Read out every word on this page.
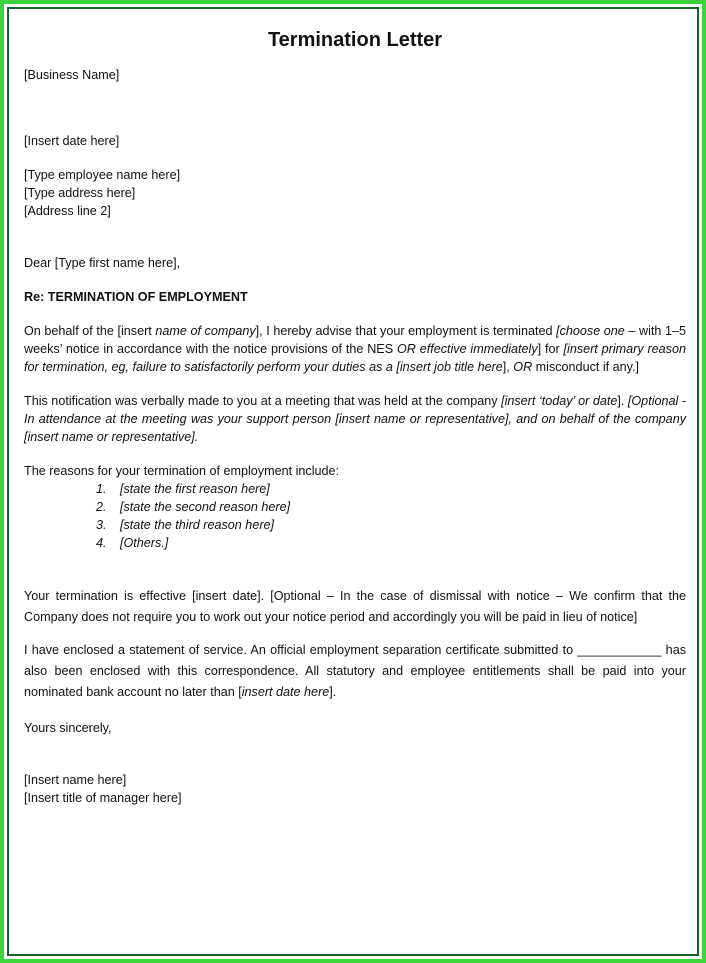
Termination Letter

[Business Name]

[Insert date here]

[Type employee name here]

[Type address here]

[Address line 2]

Dear [Type first name here],

Re: TERMINATION OF EMPLOYMENT

On behalf of the [insert name of company], I hereby advise that your employment is terminated [choose one – with 1–5 weeks’ notice in accordance with the notice provisions of the NES OR effective immediately] for [insert primary reason for termination, eg, failure to satisfactorily perform your duties as a [insert job title here], OR misconduct if any.]

This notification was verbally made to you at a meeting that was held at the company [insert ‘today’ or date]. [Optional - In attendance at the meeting was your support person [insert name or representative], and on behalf of the company [insert name or representative].

The reasons for your termination of employment include:

1.	[state the first reason here]
2.	[state the second reason here]
3.	[state the third reason here]
4.	[Others.]

Your termination is effective [insert date]. [Optional – In the case of dismissal with notice – We confirm that the Company does not require you to work out your notice period and accordingly you will be paid in lieu of notice]

I have enclosed a statement of service. An official employment separation certificate submitted to ____________ has also been enclosed with this correspondence. All statutory and employee entitlements shall be paid into your nominated bank account no later than [insert date here].

Yours sincerely,

[Insert name here]

[Insert title of manager here]
